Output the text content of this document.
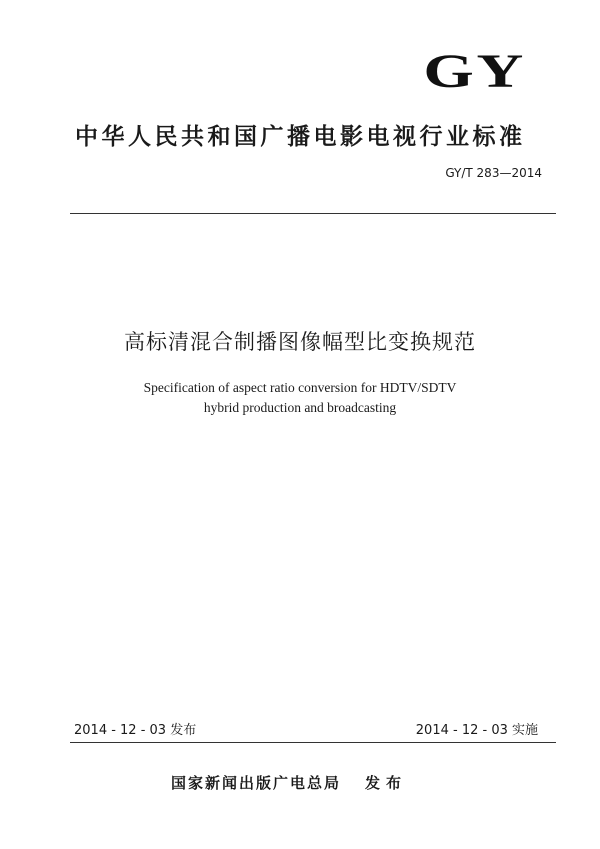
GY
中华人民共和国广播电影电视行业标准
GY/T 283—2014
高标清混合制播图像幅型比变换规范
Specification of aspect ratio conversion for HDTV/SDTV
hybrid production and broadcasting
2014 - 12 - 03 发布	2014 - 12 - 03 实施
国家新闻出版广电总局 发布
